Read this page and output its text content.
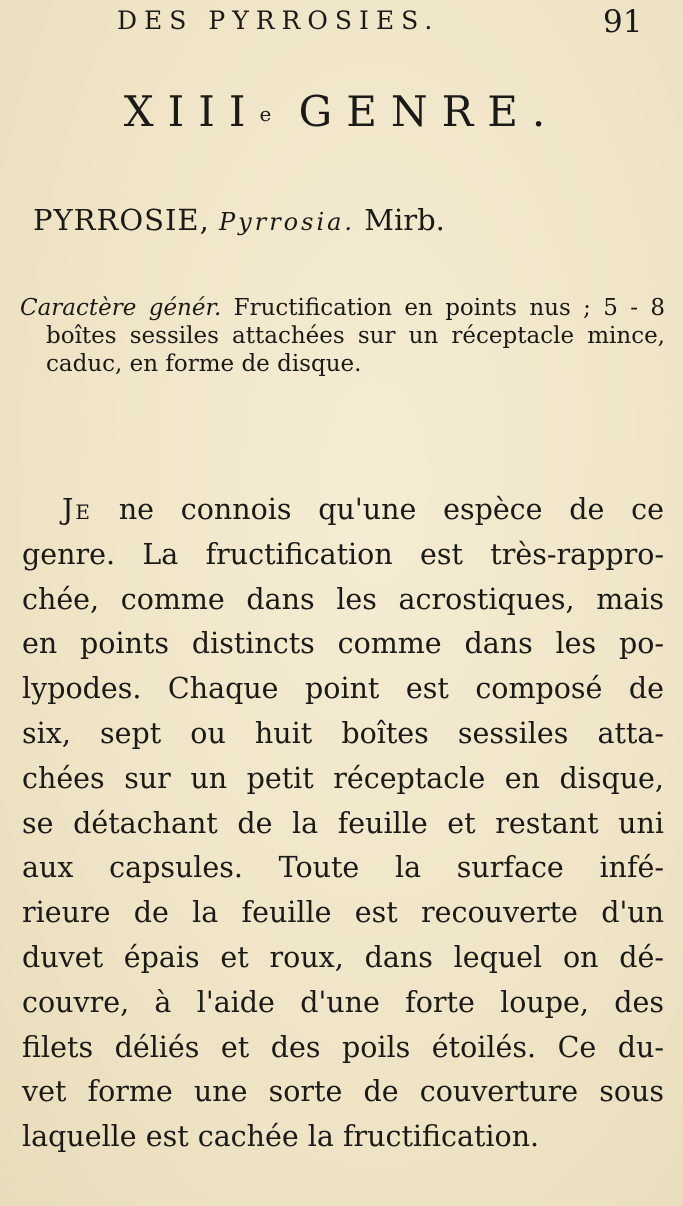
DES PYRROSIES.	91
XIIIe GENRE.
PYRROSIE, Pyrrosia. Mirb.

Caractère génér. Fructification en points nus ; 5 - 8 boîtes sessiles attachées sur un réceptacle mince, caduc, en forme de disque.

Je ne connois qu'une espèce de ce
genre. La fructification est très-rappro-
chée, comme dans les acrostiques, mais
en points distincts comme dans les po-
lypodes. Chaque point est composé de
six, sept ou huit boîtes sessiles atta-
chées sur un petit réceptacle en disque,
se détachant de la feuille et restant uni
aux capsules. Toute la surface infé-
rieure de la feuille est recouverte d'un
duvet épais et roux, dans lequel on dé-
couvre, à l'aide d'une forte loupe, des
filets déliés et des poils étoilés. Ce du-
vet forme une sorte de couverture sous
laquelle est cachée la fructification.
